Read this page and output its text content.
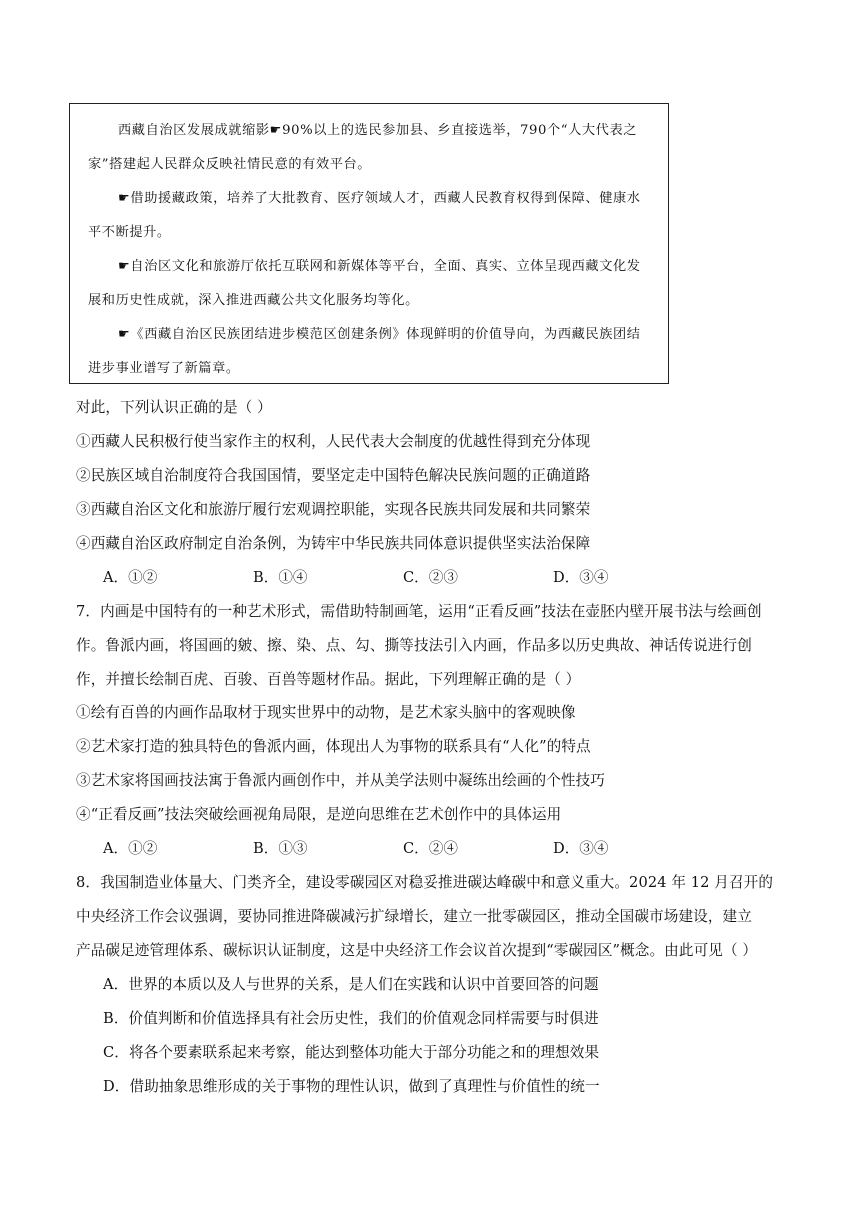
西藏自治区发展成就缩影☛90%以上的选民参加县、乡直接选举，790个“人大代表之家”搭建起人民群众反映社情民意的有效平台。

☛借助援藏政策，培养了大批教育、医疗领域人才，西藏人民教育权得到保障、健康水平不断提升。

☛自治区文化和旅游厅依托互联网和新媒体等平台，全面、真实、立体呈现西藏文化发展和历史性成就，深入推进西藏公共文化服务均等化。

☛《西藏自治区民族团结进步模范区创建条例》体现鲜明的价值导向，为西藏民族团结进步事业谱写了新篇章。

对此，下列认识正确的是（ ）
①西藏人民积极行使当家作主的权利，人民代表大会制度的优越性得到充分体现
②民族区域自治制度符合我国国情，要坚定走中国特色解决民族问题的正确道路
③西藏自治区文化和旅游厅履行宏观调控职能，实现各民族共同发展和共同繁荣
④西藏自治区政府制定自治条例，为铸牢中华民族共同体意识提供坚实法治保障
A．①②	B．①④	C．②③	D．③④
7．内画是中国特有的一种艺术形式，需借助特制画笔，运用“正看反画”技法在壶胚内壁开展书法与绘画创
作。鲁派内画，将国画的皴、擦、染、点、勾、撕等技法引入内画，作品多以历史典故、神话传说进行创
作，并擅长绘制百虎、百骏、百兽等题材作品。据此，下列理解正确的是（ ）
①绘有百兽的内画作品取材于现实世界中的动物，是艺术家头脑中的客观映像
②艺术家打造的独具特色的鲁派内画，体现出人为事物的联系具有“人化”的特点
③艺术家将国画技法寓于鲁派内画创作中，并从美学法则中凝练出绘画的个性技巧
④“正看反画”技法突破绘画视角局限，是逆向思维在艺术创作中的具体运用
A．①②	B．①③	C．②④	D．③④
8．我国制造业体量大、门类齐全，建设零碳园区对稳妥推进碳达峰碳中和意义重大。2024 年 12 月召开的
中央经济工作会议强调，要协同推进降碳减污扩绿增长，建立一批零碳园区，推动全国碳市场建设，建立
产品碳足迹管理体系、碳标识认证制度，这是中央经济工作会议首次提到“零碳园区”概念。由此可见（ ）
A．世界的本质以及人与世界的关系，是人们在实践和认识中首要回答的问题
B．价值判断和价值选择具有社会历史性，我们的价值观念同样需要与时俱进
C．将各个要素联系起来考察，能达到整体功能大于部分功能之和的理想效果
D．借助抽象思维形成的关于事物的理性认识，做到了真理性与价值性的统一
